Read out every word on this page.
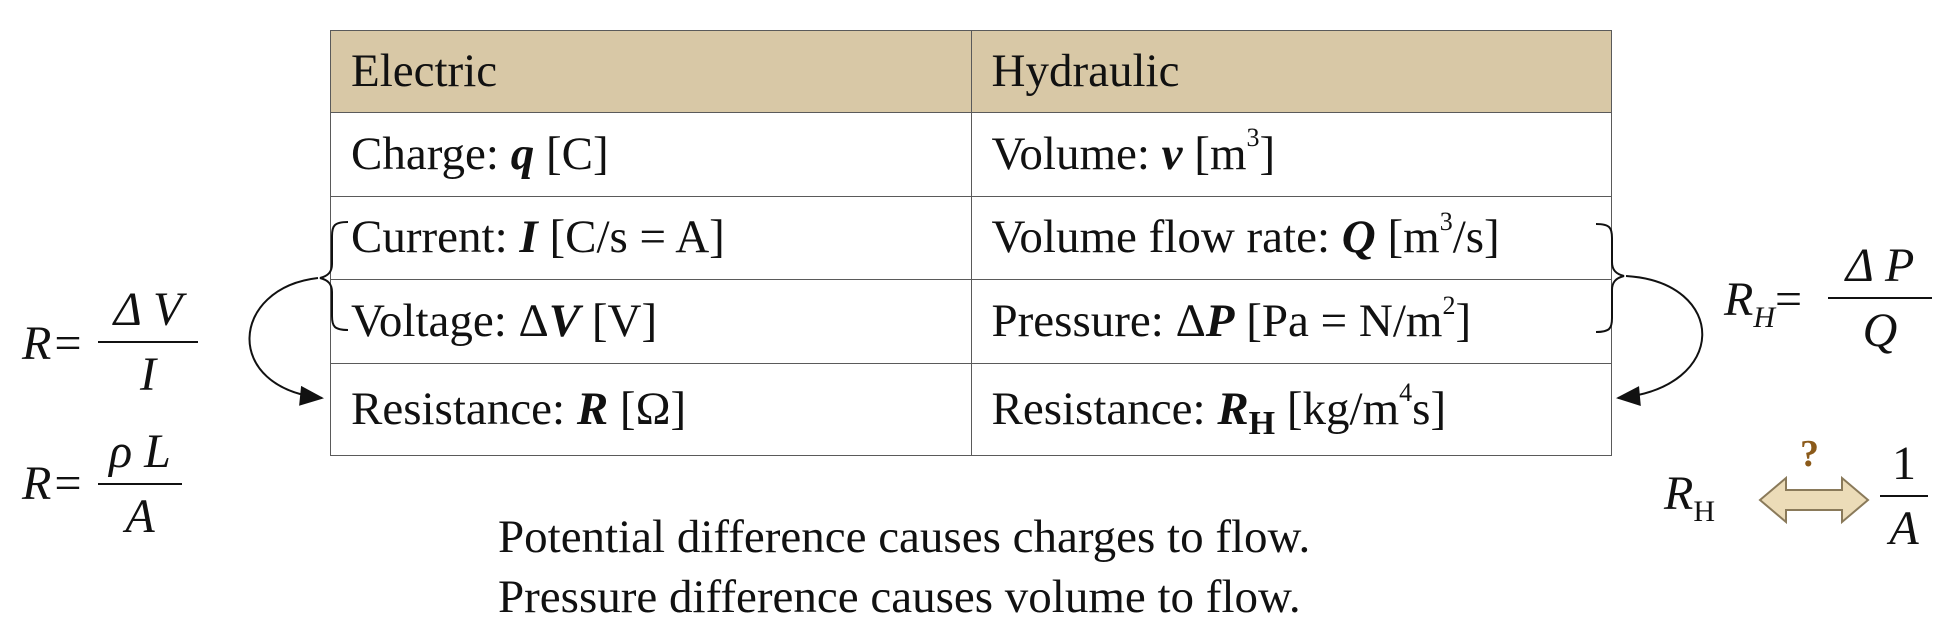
Electric	Hydraulic
Charge: q [C]	Volume: v $[m^3]$
Current: I [C/s = A]	Volume flow rate: Q $[m^3/s]$
Voltage: ΔV [V]	Pressure: ΔP $[Pa = N/m^2]$
Resistance: R [Ω]	Resistance: $R_H$ $[kg/m^4s]$
R=
Δ V
I
R=
ρ L
A
$R_H=$
Δ P
Q
$R_H$
? 1
A
Potential difference causes charges to flow.
Pressure difference causes volume to flow.
